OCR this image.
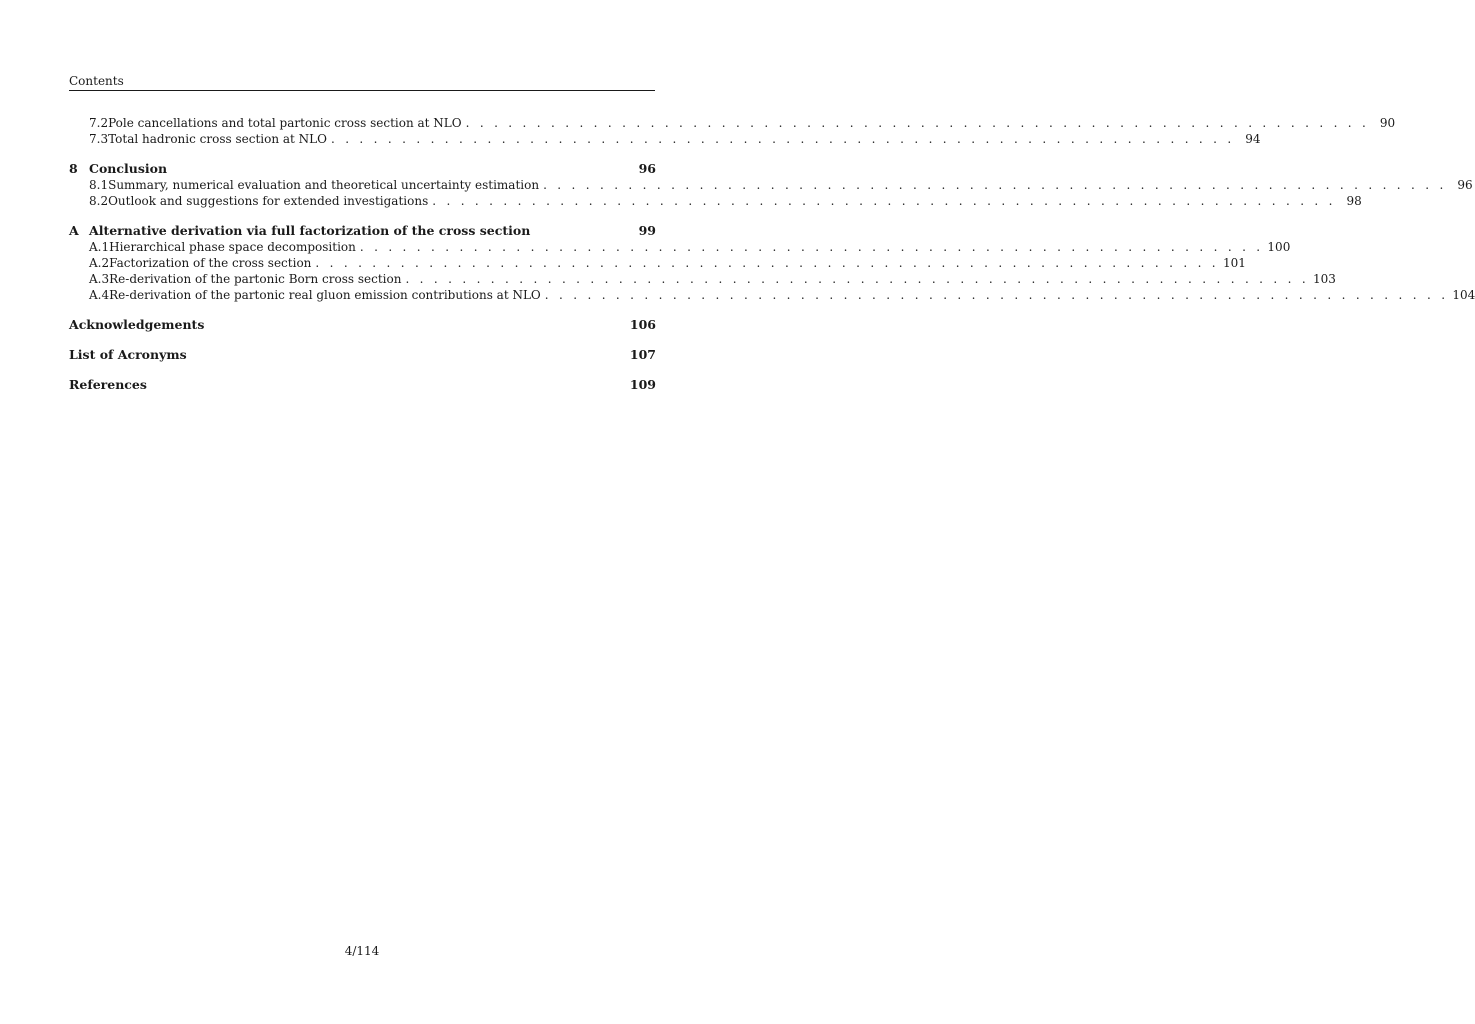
Contents
7.2 Pole cancellations and total partonic cross section at NLO . . . . . . . . . . . . . . . . . . . . . . . . . . . . . . . . . . . . . . . . . . . . . . . . . . . . . . . . . . . . . . . . 90
7.3 Total hadronic cross section at NLO . . . . . . . . . . . . . . . . . . . . . . . . . . . . . . . . . . . . . . . . . . . . . . . . . . . . . . . . . . . . . . . . 94
8 Conclusion	96
8.1 Summary, numerical evaluation and theoretical uncertainty estimation . . . . . . . . . . . . . . . . . . . . . . . . . . . . . . . . . . . . . . . . . . . . . . . . . . . . . . . . . . . . . . . . 96
8.2 Outlook and suggestions for extended investigations . . . . . . . . . . . . . . . . . . . . . . . . . . . . . . . . . . . . . . . . . . . . . . . . . . . . . . . . . . . . . . . . 98
A Alternative derivation via full factorization of the cross section	99
A.1 Hierarchical phase space decomposition . . . . . . . . . . . . . . . . . . . . . . . . . . . . . . . . . . . . . . . . . . . . . . . . . . . . . . . . . . . . . . . . 100
A.2 Factorization of the cross section . . . . . . . . . . . . . . . . . . . . . . . . . . . . . . . . . . . . . . . . . . . . . . . . . . . . . . . . . . . . . . . . 101
A.3 Re-derivation of the partonic Born cross section . . . . . . . . . . . . . . . . . . . . . . . . . . . . . . . . . . . . . . . . . . . . . . . . . . . . . . . . . . . . . . . . 103
A.4 Re-derivation of the partonic real gluon emission contributions at NLO . . . . . . . . . . . . . . . . . . . . . . . . . . . . . . . . . . . . . . . . . . . . . . . . . . . . . . . . . . . . . . . . 104
Acknowledgements	106
List of Acronyms	107
References	109
4/114
